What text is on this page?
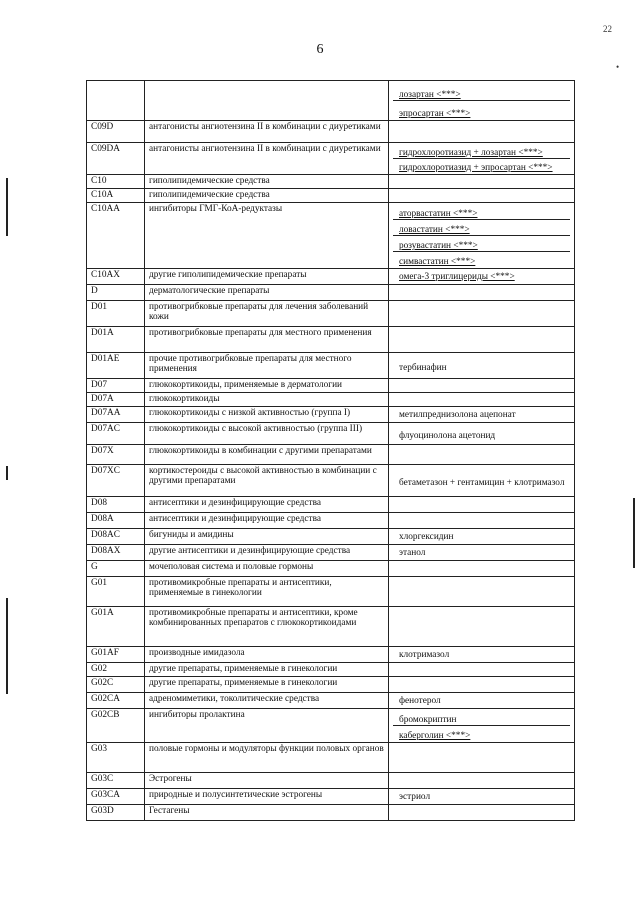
6
22
•

		лозартан <***>
эпросартан <***>

C09D	антагонисты ангиотензина II в комбинации с диуретиками	
C09DA	антагонисты ангиотензина II в комбинации с диуретиками	гидрохлоротиазид + лозартан <***>
гидрохлоротиазид + эпросартан <***>

C10	гиполипидемические средства	
C10A	гиполипидемические средства	
C10AA	ингибиторы ГМГ-КоА-редуктазы	аторвастатин <***>
ловастатин <***>
розувастатин <***>
симвастатин <***>

C10AX	другие гиполипидемические препараты	омега-3 триглицериды <***>

D	дерматологические препараты	
D01	противогрибковые препараты для лечения заболеваний кожи	
D01A	противогрибковые препараты для местного применения	
D01AE	прочие противогрибковые препараты для местного применения	тербинафин

D07	глюкокортикоиды, применяемые в дерматологии	
D07A	глюкокортикоиды	
D07AA	глюкокортикоиды с низкой активностью (группа I)	метилпреднизолона ацепонат

D07AC	глюкокортикоиды с высокой активностью (группа III)	флуоцинолона ацетонид

D07X	глюкокортикоиды в комбинации с другими препаратами	
D07XC	кортикостероиды с высокой активностью в комбинации с другими препаратами	бетаметазон + гентамицин + клотримазол

D08	антисептики и дезинфицирующие средства	
D08A	антисептики и дезинфицирующие средства	
D08AC	бигуниды и амидины	хлоргексидин

D08AX	другие антисептики и дезинфицирующие средства	этанол

G	мочеполовая система и половые гормоны	
G01	противомикробные препараты и антисептики, применяемые в гинекологии	
G01A	противомикробные препараты и антисептики, кроме комбинированных препаратов с глюкокортикоидами	
G01AF	производные имидазола	клотримазол

G02	другие препараты, применяемые в гинекологии	
G02C	другие препараты, применяемые в гинекологии	
G02CA	адреномиметики, токолитические средства	фенотерол

G02CB	ингибиторы пролактина	бромокриптин
каберголин <***>

G03	половые гормоны и модуляторы функции половых органов	
G03C	Эстрогены	
G03CA	природные и полусинтетические эстрогены	эстриол

G03D	Гестагены	
